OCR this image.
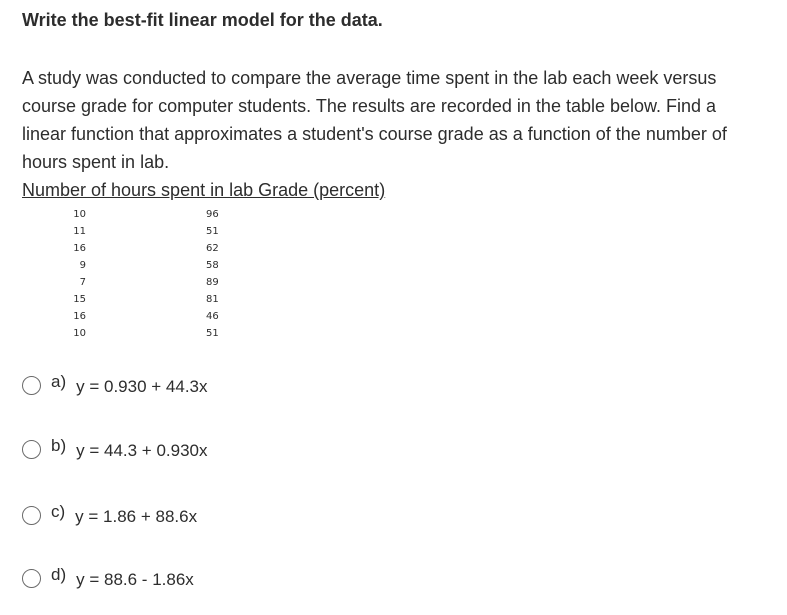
Write the best-fit linear model for the data.
A study was conducted to compare the average time spent in the lab each week versus course grade for computer students. The results are recorded in the table below. Find a linear function that approximates a student's course grade as a function of the number of hours spent in lab.
Number of hours spent in lab Grade (percent)
10		96
11		51
16		62
9		58
7		89
15		81
16		46
10		51
a) y = 0.930 + 44.3x
b) y = 44.3 + 0.930x
c) y = 1.86 + 88.6x
d) y = 88.6 - 1.86x
